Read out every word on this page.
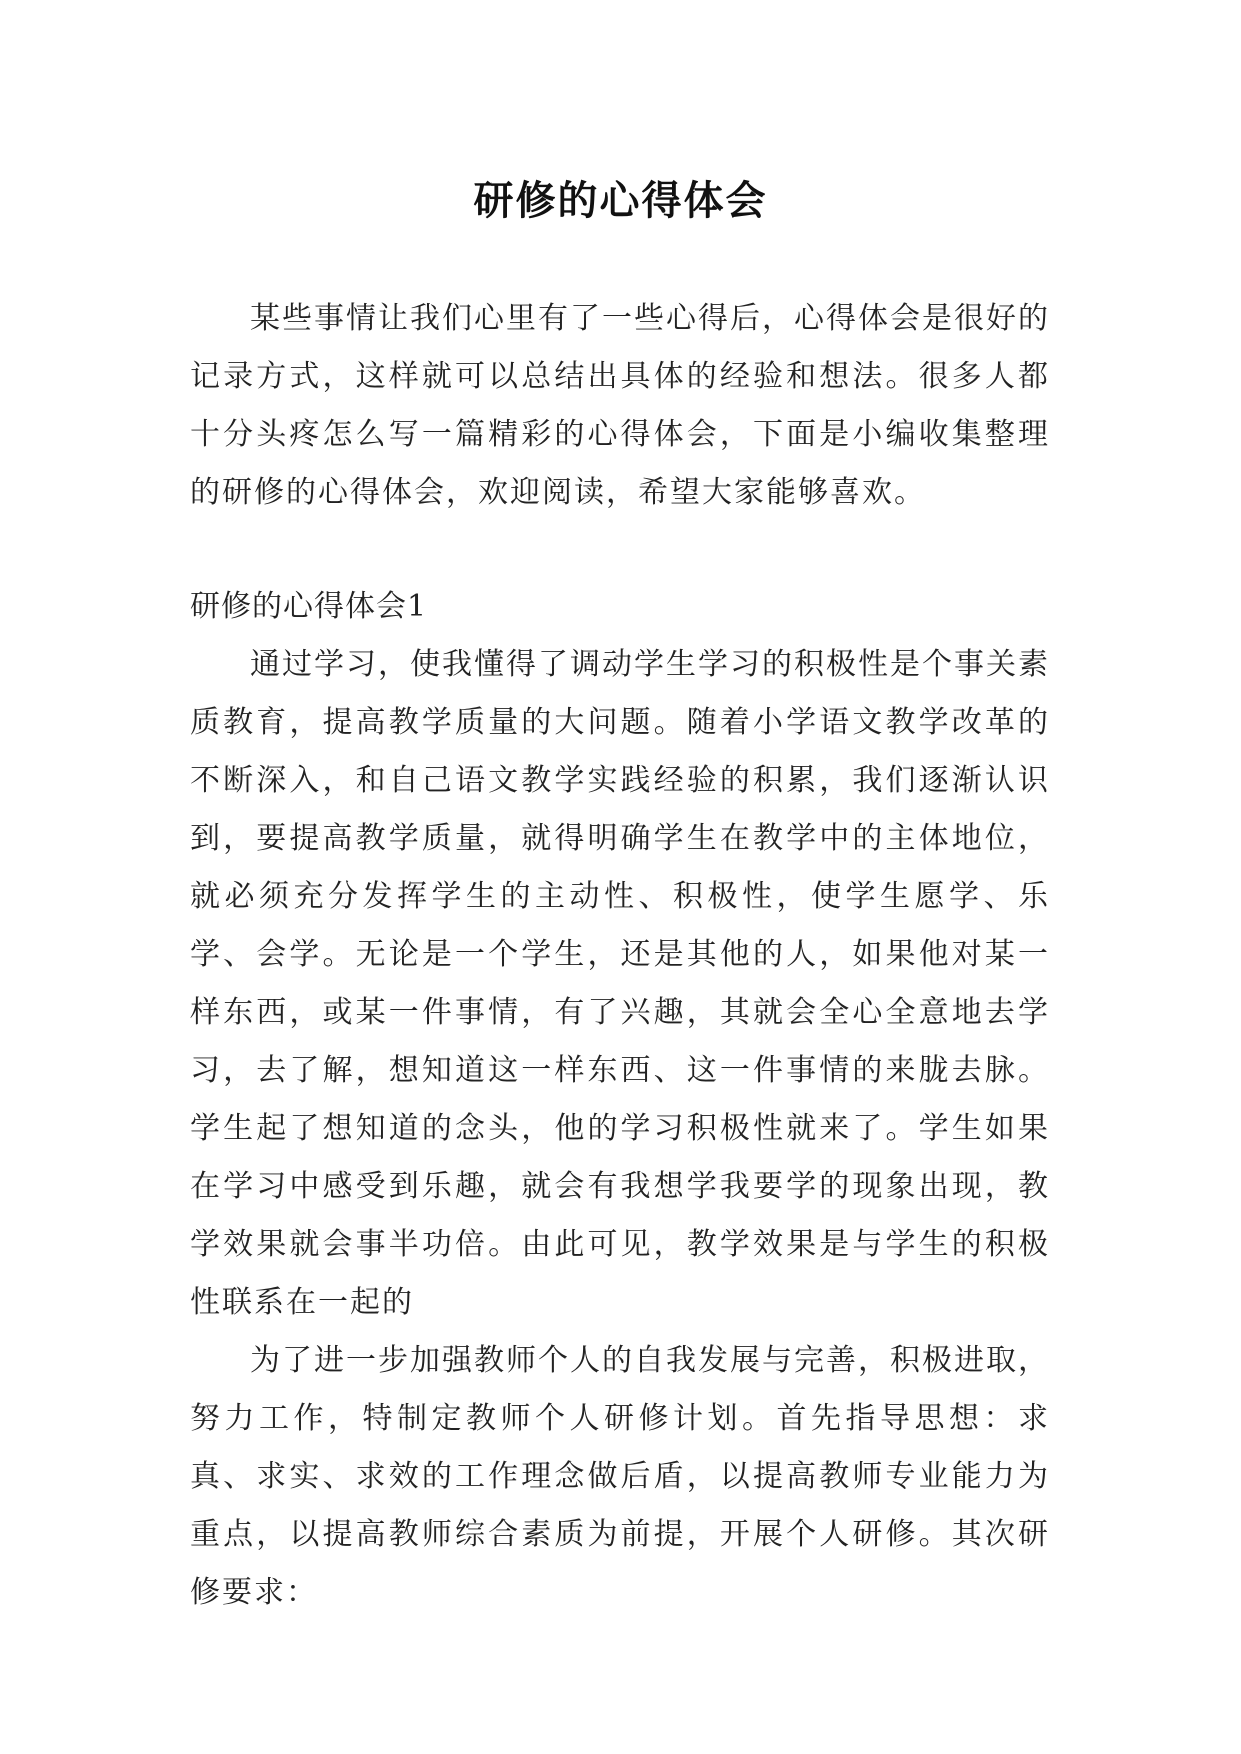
研修的心得体会

某些事情让我们心里有了一些心得后，心得体会是很好的记录方式，这样就可以总结出具体的经验和想法。很多人都十分头疼怎么写一篇精彩的心得体会，下面是小编收集整理的研修的心得体会，欢迎阅读，希望大家能够喜欢。

研修的心得体会1

通过学习，使我懂得了调动学生学习的积极性是个事关素质教育，提高教学质量的大问题。随着小学语文教学改革的不断深入，和自己语文教学实践经验的积累，我们逐渐认识到，要提高教学质量，就得明确学生在教学中的主体地位，就必须充分发挥学生的主动性、积极性，使学生愿学、乐学、会学。无论是一个学生，还是其他的人，如果他对某一样东西，或某一件事情，有了兴趣，其就会全心全意地去学习，去了解，想知道这一样东西、这一件事情的来胧去脉。学生起了想知道的念头，他的学习积极性就来了。学生如果在学习中感受到乐趣，就会有我想学我要学的现象出现，教学效果就会事半功倍。由此可见，教学效果是与学生的积极性联系在一起的

为了进一步加强教师个人的自我发展与完善，积极进取，努力工作，特制定教师个人研修计划。首先指导思想：求真、求实、求效的工作理念做后盾，以提高教师专业能力为重点，以提高教师综合素质为前提，开展个人研修。其次研修要求：
